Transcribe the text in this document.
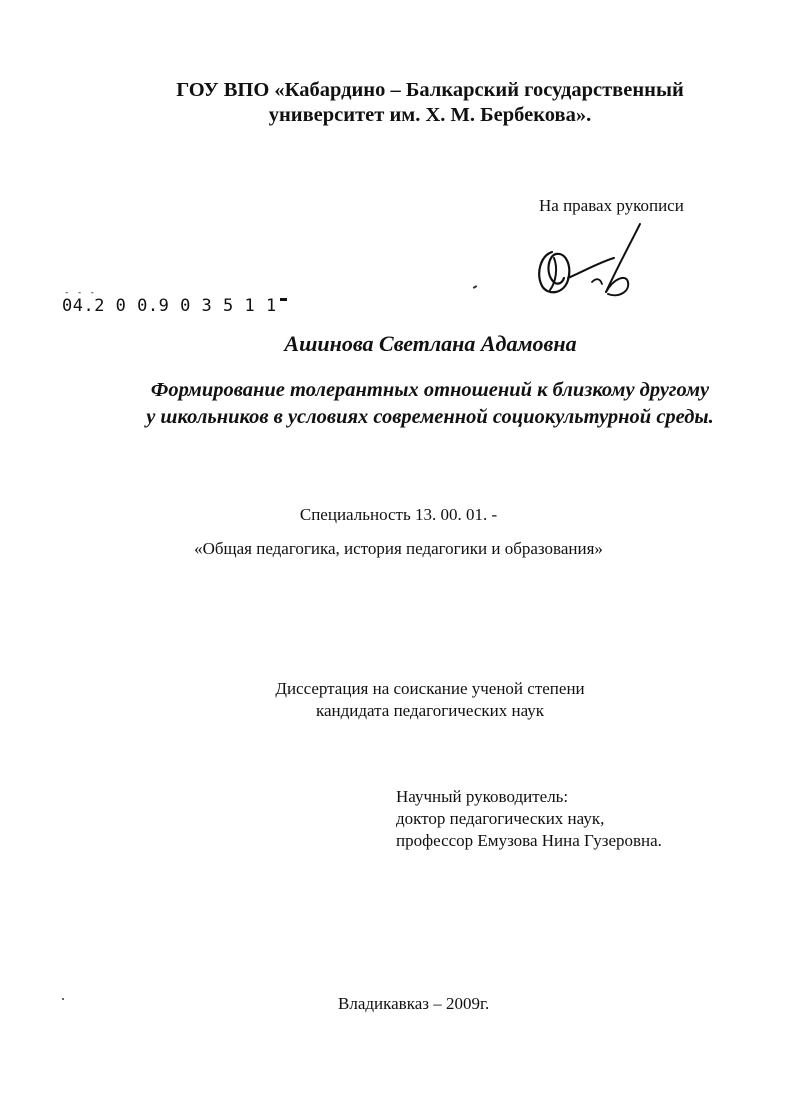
ГОУ ВПО «Кабардино – Балкарский государственный
университет им. Х. М. Бербекова».
На правах рукописи
- - -
04.2 0 0.9 0 3 5 1 1
Ашинова Светлана Адамовна
Формирование толерантных отношений к близкому другому
у школьников в условиях современной социокультурной среды.
Специальность 13. 00. 01. -
«Общая педагогика, история педагогики и образования»
Диссертация на соискание ученой степени
кандидата педагогических наук
Научный руководитель:
доктор педагогических наук,
профессор Емузова Нина Гузеровна.
Владикавказ – 2009г.
